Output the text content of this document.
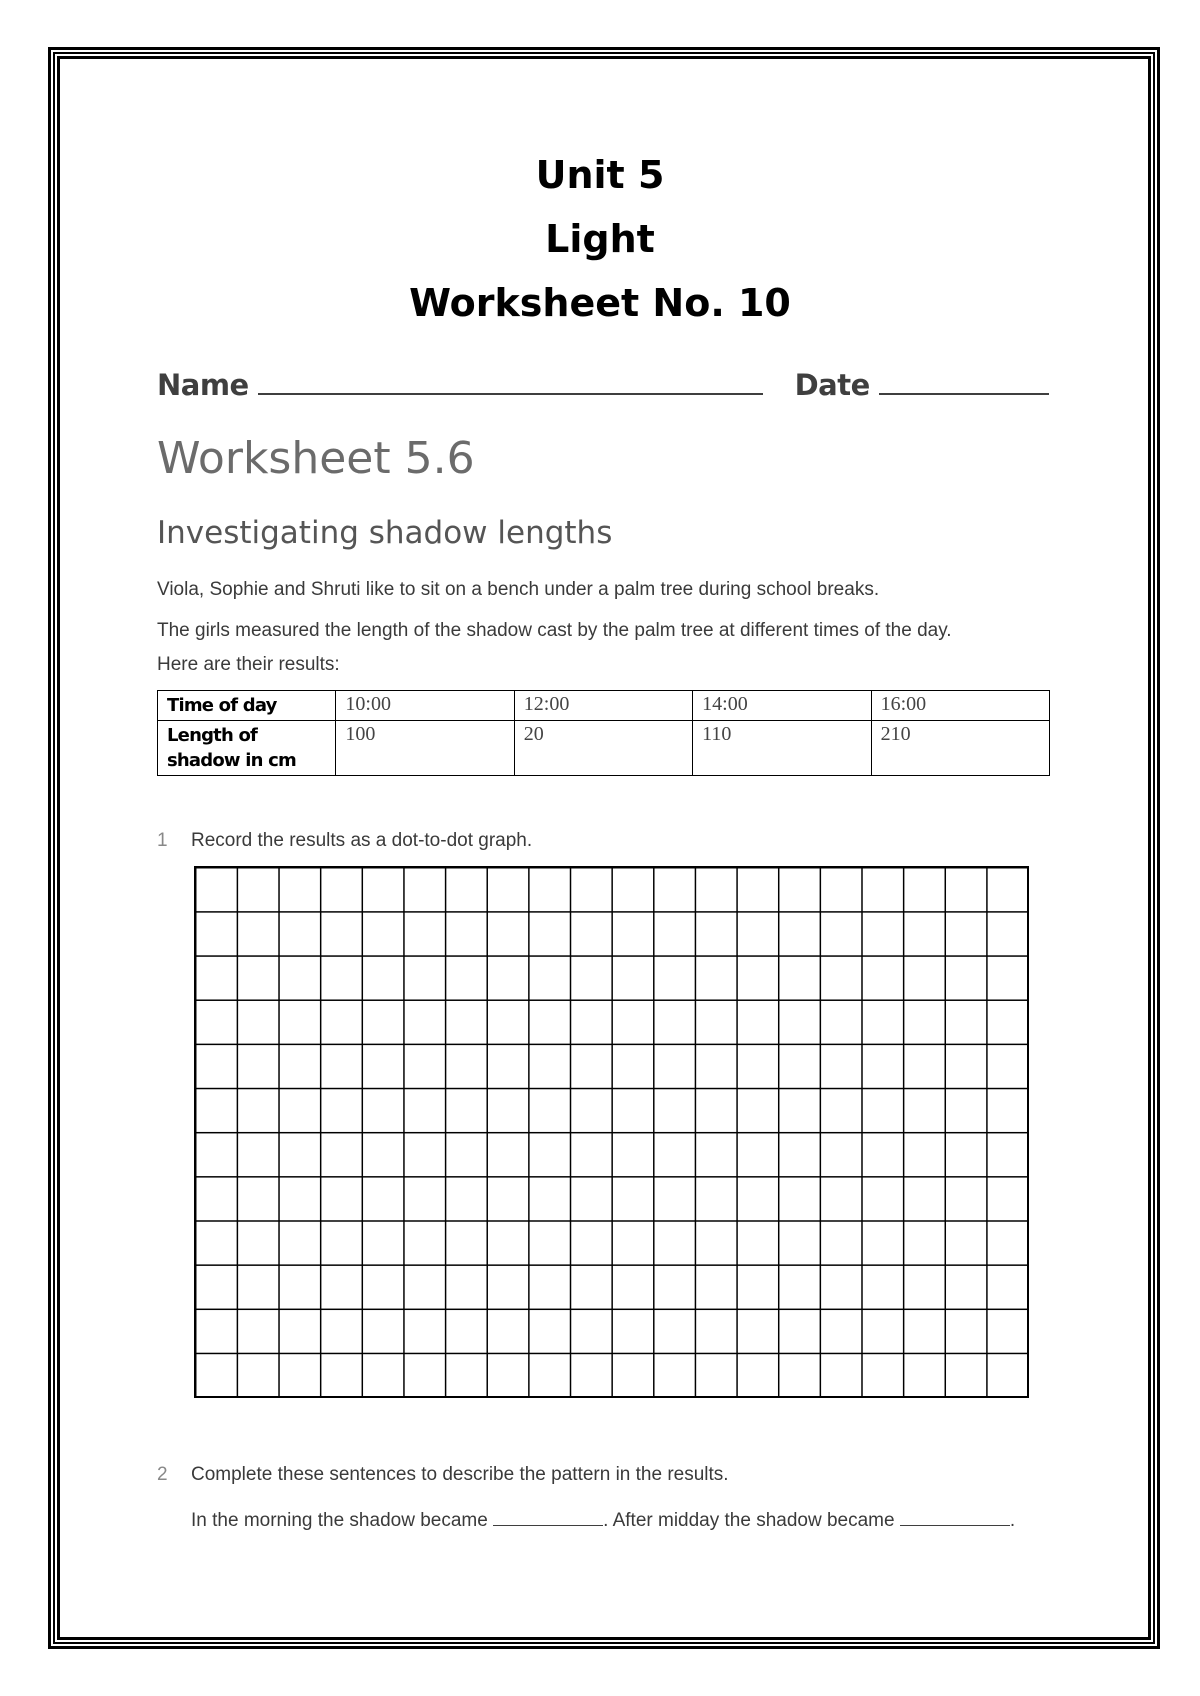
Unit 5
Light
Worksheet No. 10
Name	Date
Worksheet 5.6
Investigating shadow lengths
Viola, Sophie and Shruti like to sit on a bench under a palm tree during school breaks.
The girls measured the length of the shadow cast by the palm tree at different times of the day.
Here are their results:
Time of day	10:00	12:00	14:00	16:00
Length of shadow in cm	100	20	110	210
1 Record the results as a dot-to-dot graph.
2 Complete these sentences to describe the pattern in the results.
In the morning the shadow became	. After midday the shadow became	.
